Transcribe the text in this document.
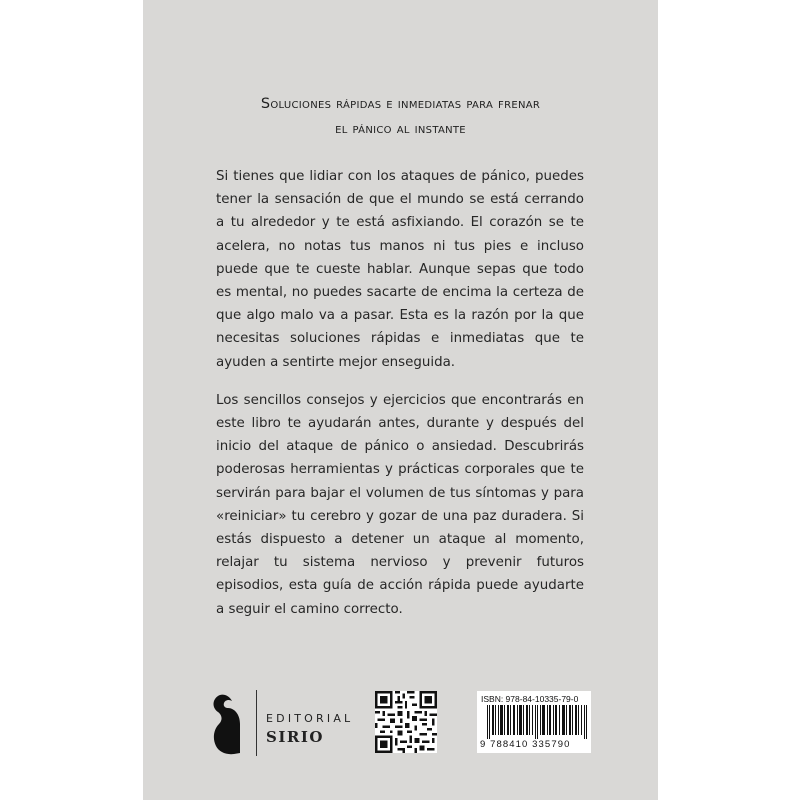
Soluciones rápidas e inmediatas para frenar
el pánico al instante

Si tienes que lidiar con los ataques de pánico, puedes tener la sensación de que el mundo se está cerrando a tu alrededor y te está asfixiando. El corazón se te acelera, no notas tus manos ni tus pies e incluso puede que te cueste hablar. Aunque sepas que todo es mental, no puedes sacarte de encima la certeza de que algo malo va a pasar. Esta es la razón por la que necesitas soluciones rápidas e inmediatas que te ayuden a sentirte mejor enseguida.

Los sencillos consejos y ejercicios que encontrarás en este libro te ayudarán antes, durante y después del inicio del ataque de pánico o ansiedad. Descubrirás poderosas herramientas y prácticas corporales que te servirán para bajar el volumen de tus síntomas y para «reiniciar» tu cerebro y gozar de una paz duradera. Si estás dispuesto a detener un ataque al momento, relajar tu sistema nervioso y prevenir futuros episodios, esta guía de acción rápida puede ayudarte a seguir el camino correcto.

EDITORIAL
SIRIO
ISBN: 978-84-10335-79-0
9 788410 335790
